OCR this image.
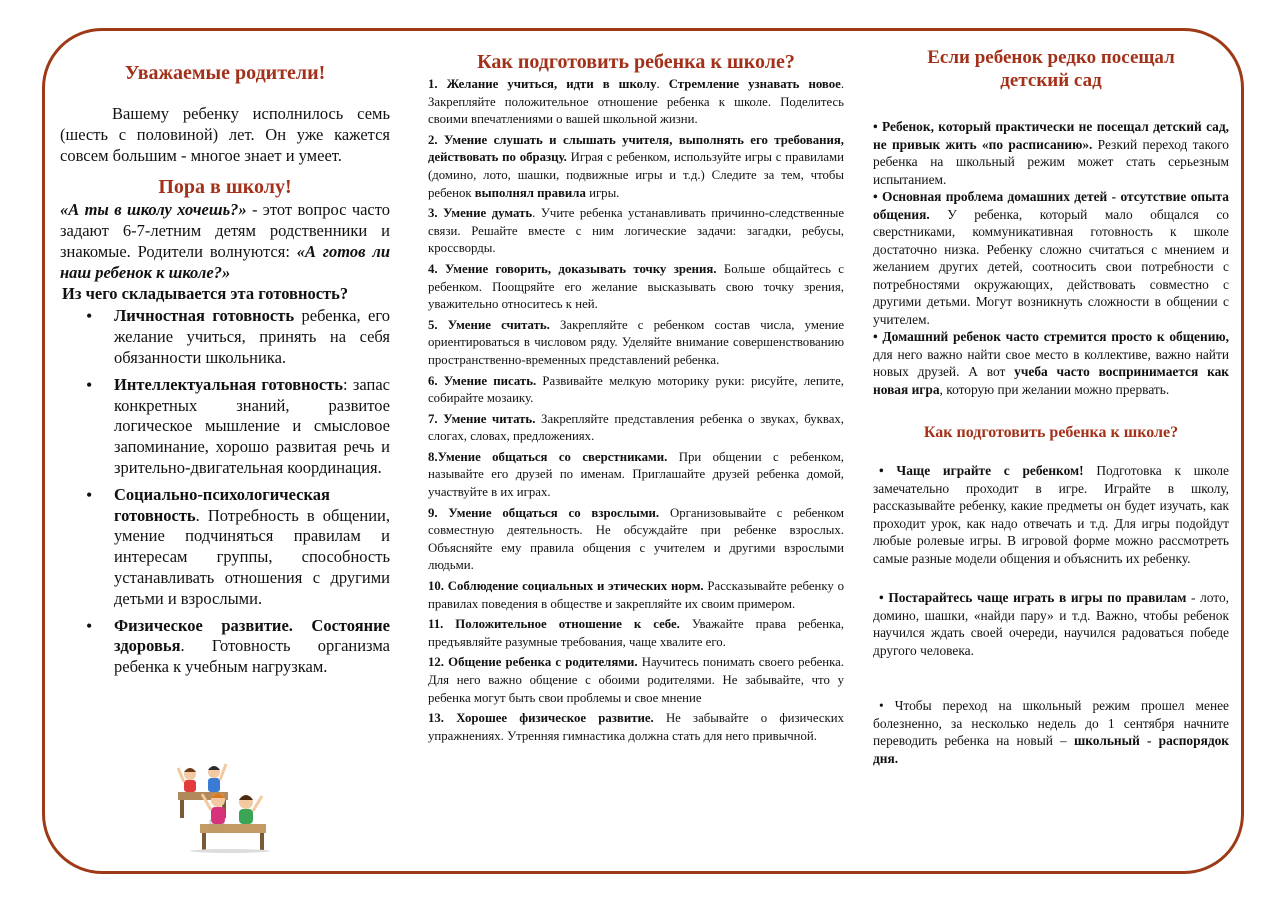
Уважаемые родители!

Вашему ребенку исполнилось семь (шесть с половиной) лет. Он уже кажется совсем большим - многое знает и умеет.

Пора в школу!

«А ты в школу хочешь?» - этот вопрос часто задают 6-7-летним детям родственники и знакомые. Родители волнуются: «А готов ли наш ребенок к школе?»

Из чего складывается эта готовность?

• Личностная готовность ребенка, его желание учиться, принять на себя обязанности школьника.
• Интеллектуальная готовность: запас конкретных знаний, развитое логическое мышление и смысловое запоминание, хорошо развитая речь и зрительно-двигательная координация.
• Социально-психологическая готовность. Потребность в общении, умение подчиняться правилам и интересам группы, способность устанавливать отношения с другими детьми и взрослыми.
• Физическое развитие. Состояние здоровья. Готовность организма ребенка к учебным нагрузкам.
Как подготовить ребенка к школе?

1. Желание учиться, идти в школу. Стремление узнавать новое. Закрепляйте положительное отношение ребенка к школе. Поделитесь своими впечатлениями о вашей школьной жизни.

2. Умение слушать и слышать учителя, выполнять его требования, действовать по образцу. Играя с ребенком, используйте игры с правилами (домино, лото, шашки, подвижные игры и т.д.) Следите за тем, чтобы ребенок выполнял правила игры.

3. Умение думать. Учите ребенка устанавливать причинно-следственные связи. Решайте вместе с ним логические задачи: загадки, ребусы, кроссворды.

4. Умение говорить, доказывать точку зрения. Больше общайтесь с ребенком. Поощряйте его желание высказывать свою точку зрения, уважительно относитесь к ней.

5. Умение считать. Закрепляйте с ребенком состав числа, умение ориентироваться в числовом ряду. Уделяйте внимание совершенствованию пространственно-временных представлений ребенка.

6. Умение писать. Развивайте мелкую моторику руки: рисуйте, лепите, собирайте мозаику.

7. Умение читать. Закрепляйте представления ребенка о звуках, буквах, слогах, словах, предложениях.

8.Умение общаться со сверстниками. При общении с ребенком, называйте его друзей по именам. Приглашайте друзей ребенка домой, участвуйте в их играх.

9. Умение общаться со взрослыми. Организовывайте с ребенком совместную деятельность. Не обсуждайте при ребенке взрослых. Объясняйте ему правила общения с учителем и другими взрослыми людьми.

10. Соблюдение социальных и этических норм. Рассказывайте ребенку о правилах поведения в обществе и закрепляйте их своим примером.

11. Положительное отношение к себе. Уважайте права ребенка, предъявляйте разумные требования, чаще хвалите его.

12. Общение ребенка с родителями. Научитесь понимать своего ребенка. Для него важно общение с обоими родителями. Не забывайте, что у ребенка могут быть свои проблемы и свое мнение

13. Хорошее физическое развитие. Не забывайте о физических упражнениях. Утренняя гимнастика должна стать для него привычной.

Если ребенок редко посещал
детский сад

• Ребенок, который практически не посещал детский сад, не привык жить «по расписанию». Резкий переход такого ребенка на школьный режим может стать серьезным испытанием.

• Основная проблема домашних детей - отсутствие опыта общения. У ребенка, который мало общался со сверстниками, коммуникативная готовность к школе достаточно низка. Ребенку сложно считаться с мнением и желанием других детей, соотносить свои потребности с потребностями окружающих, действовать совместно с другими детьми. Могут возникнуть сложности в общении с учителем.

• Домашний ребенок часто стремится просто к общению, для него важно найти свое место в коллективе, важно найти новых друзей. А вот учеба часто воспринимается как новая игра, которую при желании можно прервать.

Как подготовить ребенка к школе?

• Чаще играйте с ребенком! Подготовка к школе замечательно проходит в игре. Играйте в школу, рассказывайте ребенку, какие предметы он будет изучать, как проходит урок, как надо отвечать и т.д. Для игры подойдут любые ролевые игры. В игровой форме можно рассмотреть самые разные модели общения и объяснить их ребенку.

• Постарайтесь чаще играть в игры по правилам - лото, домино, шашки, «найди пару» и т.д. Важно, чтобы ребенок научился ждать своей очереди, научился радоваться победе другого человека.

• Чтобы переход на школьный режим прошел менее болезненно, за несколько недель до 1 сентября начните переводить ребенка на новый – школьный - распорядок дня.
